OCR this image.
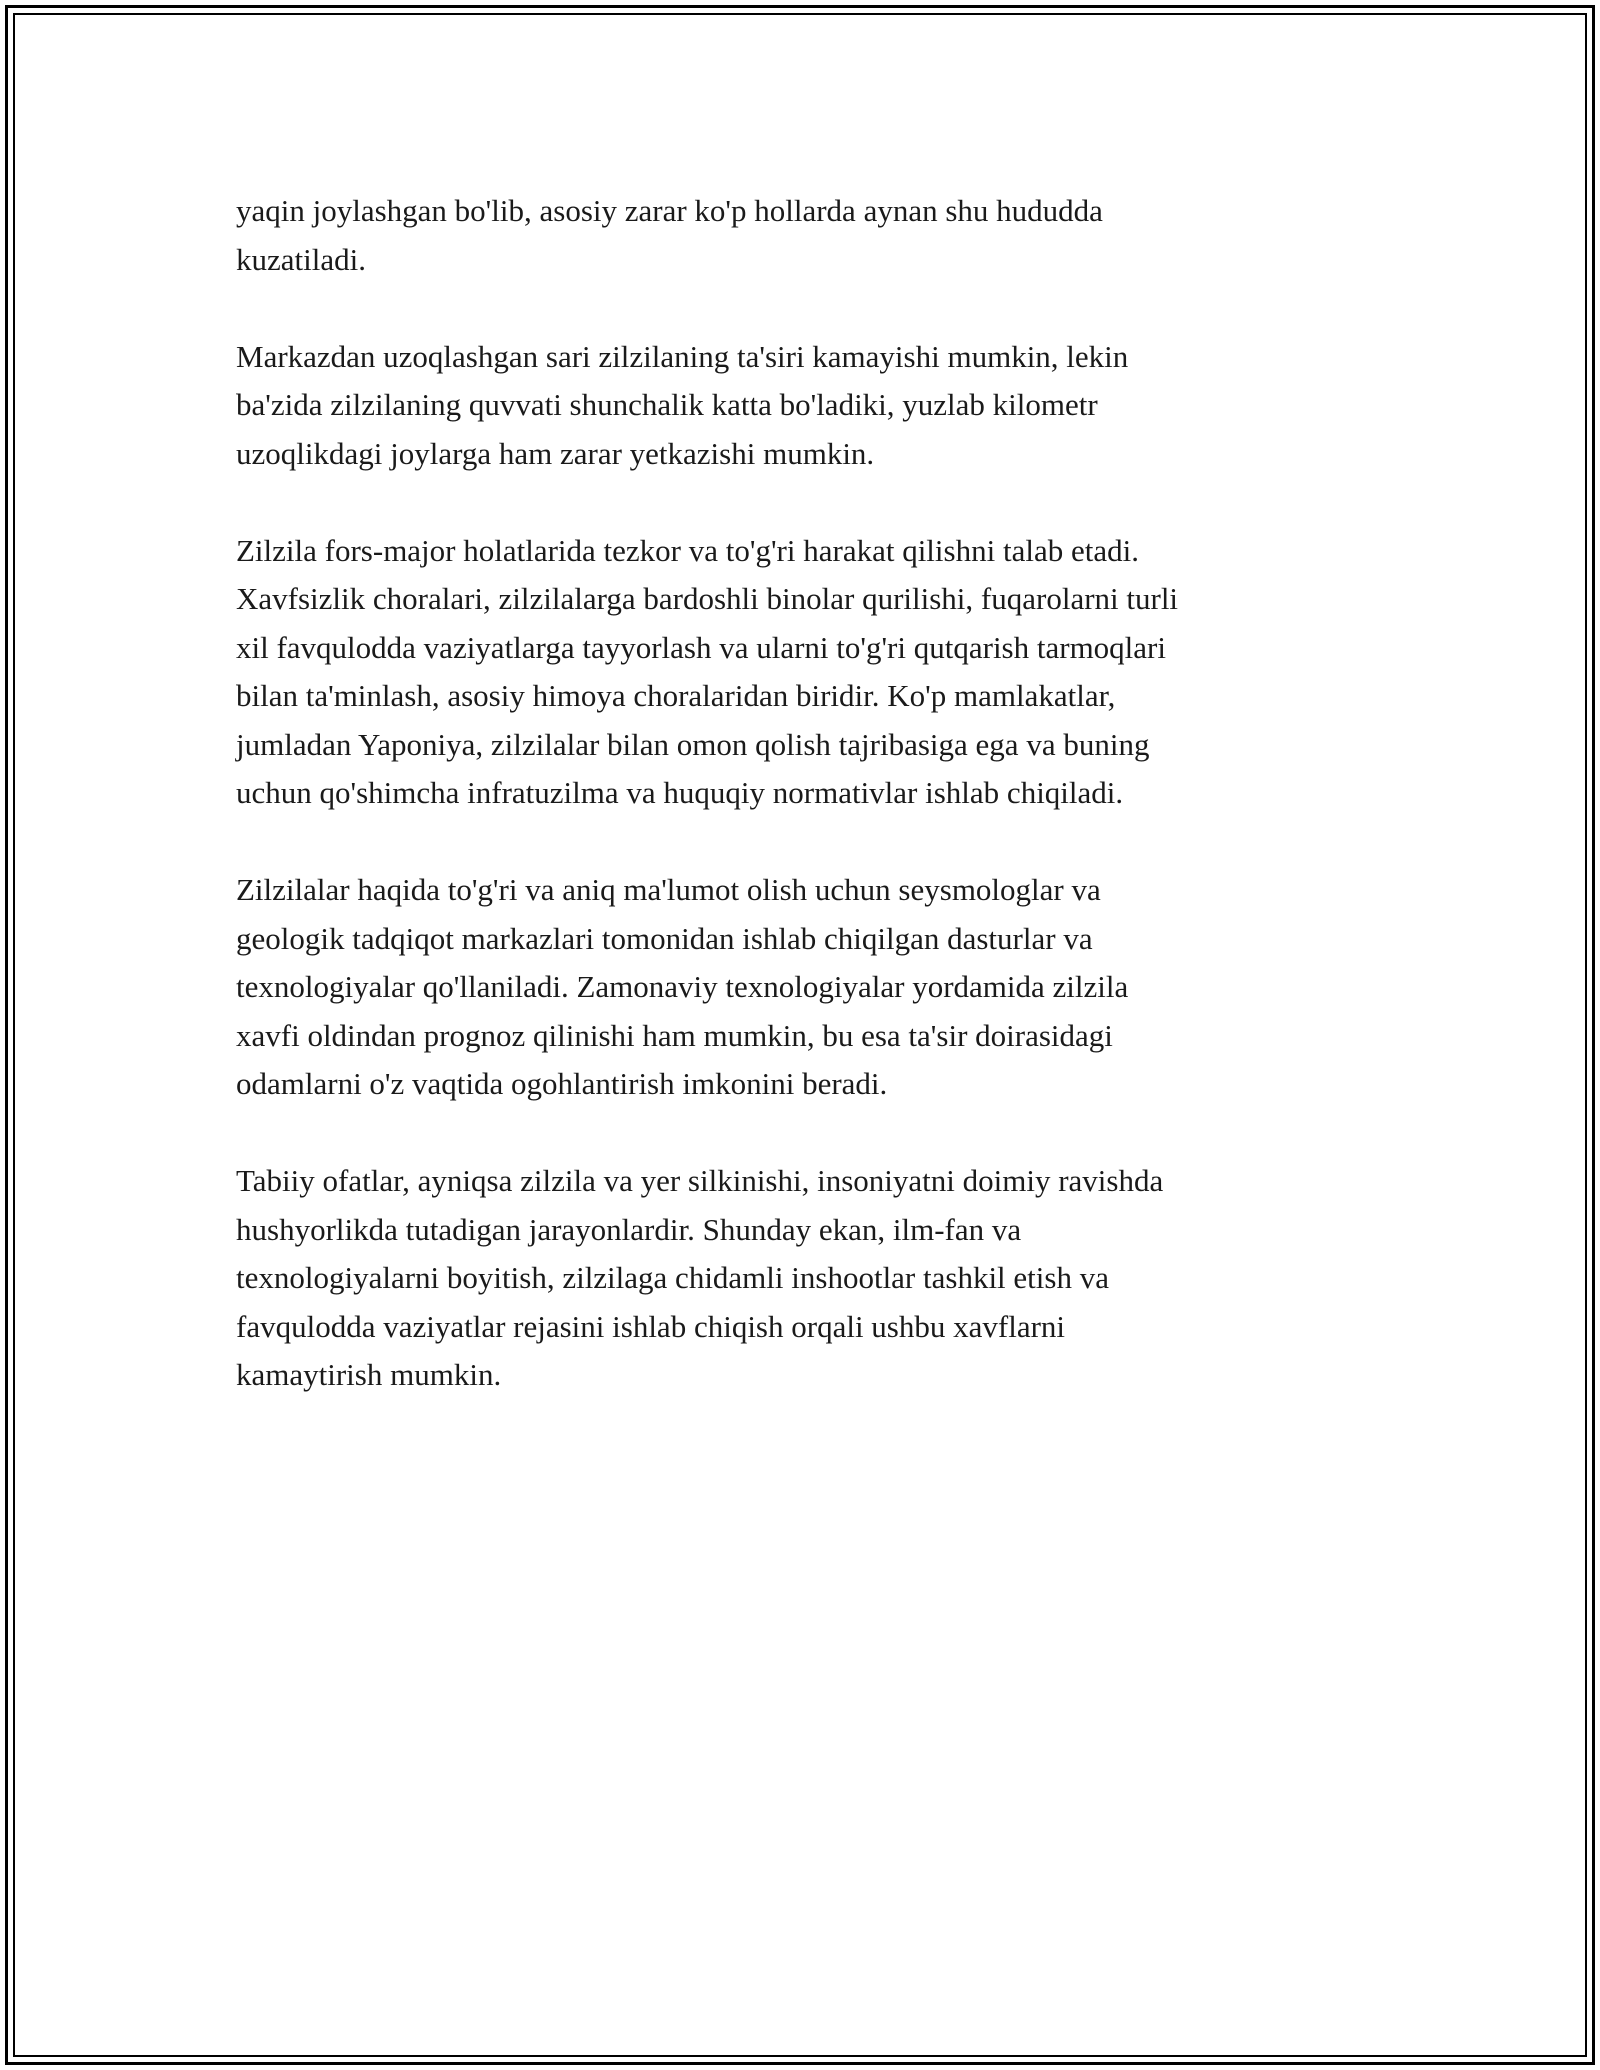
yaqin joylashgan bo'lib, asosiy zarar ko'p hollarda aynan shu hududda
kuzatiladi.

Markazdan uzoqlashgan sari zilzilaning ta'siri kamayishi mumkin, lekin
ba'zida zilzilaning quvvati shunchalik katta bo'ladiki, yuzlab kilometr
uzoqlikdagi joylarga ham zarar yetkazishi mumkin.

Zilzila fors-major holatlarida tezkor va to'g'ri harakat qilishni talab etadi.
Xavfsizlik choralari, zilzilalarga bardoshli binolar qurilishi, fuqarolarni turli
xil favqulodda vaziyatlarga tayyorlash va ularni to'g'ri qutqarish tarmoqlari
bilan ta'minlash, asosiy himoya choralaridan biridir. Ko'p mamlakatlar,
jumladan Yaponiya, zilzilalar bilan omon qolish tajribasiga ega va buning
uchun qo'shimcha infratuzilma va huquqiy normativlar ishlab chiqiladi.

Zilzilalar haqida to'g'ri va aniq ma'lumot olish uchun seysmologlar va
geologik tadqiqot markazlari tomonidan ishlab chiqilgan dasturlar va
texnologiyalar qo'llaniladi. Zamonaviy texnologiyalar yordamida zilzila
xavfi oldindan prognoz qilinishi ham mumkin, bu esa ta'sir doirasidagi
odamlarni o'z vaqtida ogohlantirish imkonini beradi.

Tabiiy ofatlar, ayniqsa zilzila va yer silkinishi, insoniyatni doimiy ravishda
hushyorlikda tutadigan jarayonlardir. Shunday ekan, ilm-fan va
texnologiyalarni boyitish, zilzilaga chidamli inshootlar tashkil etish va
favqulodda vaziyatlar rejasini ishlab chiqish orqali ushbu xavflarni
kamaytirish mumkin.
